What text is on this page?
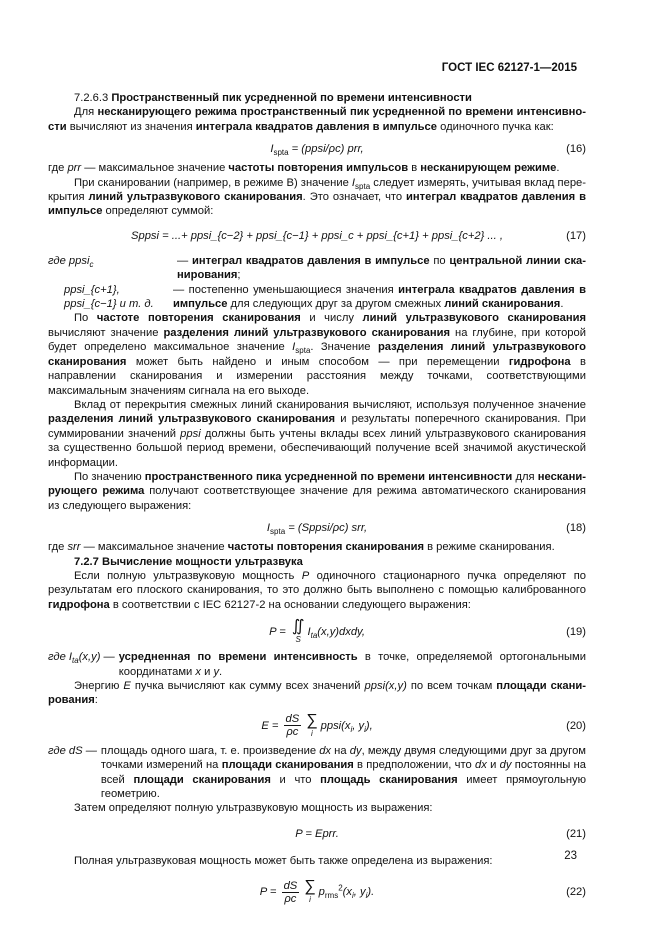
ГОСТ IEC 62127-1—2015

7.2.6.3 Пространственный пик усредненной по времени интенсивности

Для несканирующего режима пространственный пик усредненной по времени интенсивности вычисляют из значения интеграла квадратов давления в импульсе одиночного пучка как:

$I_{spta}$ = (ppsi/ρc) prr,	(16)

где prr — максимальное значение частоты повторения импульсов в несканирующем режиме.

При сканировании (например, в режиме В) значение $I_{spta}$ следует измерять, учитывая вклад перекрытия линий ультразвукового сканирования. Это означает, что интеграл квадратов давления в импульсе определяют суммой:

Sppsi = ...+ ppsi_{c−2} + ppsi_{c−1} + ppsi_c + ppsi_{c+1} + ppsi_{c+2} ... ,	(17)
где ppsi$_c$	— интеграл квадратов давления в импульсе по центральной линии сканирования;
ppsi_{c+1}, ppsi_{c−1} и т. д.
— постепенно уменьшающиеся значения интеграла квадратов давления в импульсе для следующих друг за другом смежных линий сканирования.

По частоте повторения сканирования и числу линий ультразвукового сканирования вычисляют значение разделения линий ультразвукового сканирования на глубине, при которой будет определено максимальное значение $I_{spta}$. Значение разделения линий ультразвукового сканирования может быть найдено и иным способом — при перемещении гидрофона в направлении сканирования и измерении расстояния между точками, соответствующими максимальным значениям сигнала на его выходе.

Вклад от перекрытия смежных линий сканирования вычисляют, используя полученное значение разделения линий ультразвукового сканирования и результаты поперечного сканирования. При суммировании значений ppsi должны быть учтены вклады всех линий ультразвукового сканирования за существенно большой период времени, обеспечивающий получение всей значимой акустической информации.

По значению пространственного пика усредненной по времени интенсивности для несканирующего режима получают соответствующее значение для режима автоматического сканирования из следующего выражения:

$I_{spta}$ = (Sppsi/ρc) srr,	(18)

где srr — максимальное значение частоты повторения сканирования в режиме сканирования.

7.2.7 Вычисление мощности ультразвука

Если полную ультразвуковую мощность P одиночного стационарного пучка определяют по результатам его плоского сканирования, то это должно быть выполнено с помощью калиброванного гидрофона в соответствии с IEC 62127-2 на основании следующего выражения:

P = ∬
S
$I_{ta}(x,y)dxdy$,	(19)
где $I_{ta}(x,y)$ — усредненная по времени интенсивность в точке, определяемой ортогональными координатами x и y.

Энергию E пучка вычисляют как сумму всех значений ppsi(x,y) по всем точкам площади сканирования:

$E = \frac{dS}{\rho c}$ ∑
i
$ppsi(x_i$, $y_i$),	(20)
где dS — площадь одного шага, т. е. произведение dx на dy, между двумя следующими друг за другом точками измерений на площади сканирования в предположении, что dx и dy постоянны на всей площади сканирования и что площадь сканирования имеет прямоугольную геометрию.

Затем определяют полную ультразвуковую мощность из выражения:

P = Eprr.	(21)

Полная ультразвуковая мощность может быть также определена из выражения:

$P = \frac{dS}{\rho c}$ ∑
i
$p_{rms}^2(x_i$, $y_i$).	(22)
23
